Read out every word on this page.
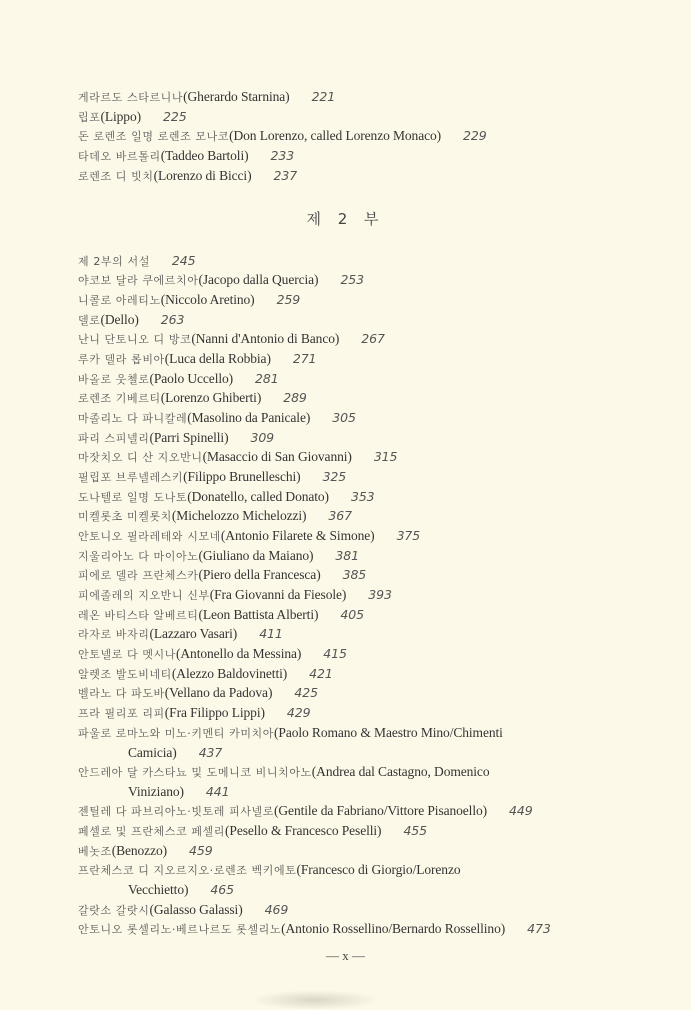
게라르도 스타르니나(Gherardo Starnina) 221
립포(Lippo) 225
돈 로렌조 일명 로렌조 모나코(Don Lorenzo, called Lorenzo Monaco) 229
타데오 바르톨리(Taddeo Bartoli) 233
로렌조 디 빗치(Lorenzo di Bicci) 237
제 2 부
제 2부의 서설 245
야코보 달라 쿠에르치아(Jacopo dalla Quercia) 253
니콜로 아레티노(Niccolo Aretino) 259
델로(Dello) 263
난니 단토니오 디 방코(Nanni d'Antonio di Banco) 267
루카 델라 롭비아(Luca della Robbia) 271
바올로 웃첼로(Paolo Uccello) 281
로렌조 기베르티(Lorenzo Ghiberti) 289
마졸리노 다 파니칼레(Masolino da Panicale) 305
파리 스피넬리(Parri Spinelli) 309
마잣치오 디 산 지오반니(Masaccio di San Giovanni) 315
필립포 브루넬레스키(Filippo Brunelleschi) 325
도나텔로 일명 도나토(Donatello, called Donato) 353
미켈롯초 미켈롯치(Michelozzo Michelozzi) 367
안토니오 필라레테와 시모네(Antonio Filarete & Simone) 375
지울리아노 다 마이아노(Giuliano da Maiano) 381
피에로 델라 프란체스카(Piero della Francesca) 385
피에졸레의 지오반니 신부(Fra Giovanni da Fiesole) 393
레온 바티스타 알베르티(Leon Battista Alberti) 405
라자로 바자리(Lazzaro Vasari) 411
안토넬로 다 멧시나(Antonello da Messina) 415
알렛조 발도비네티(Alezzo Baldovinetti) 421
벨라노 다 파도바(Vellano da Padova) 425
프라 필리포 리피(Fra Filippo Lippi) 429
파울로 로마노와 미노·키멘티 카미치아(Paolo Romano & Maestro Mino/Chimenti
Camicia) 437
안드레아 달 카스타뇨 및 도메니코 비니치아노(Andrea dal Castagno, Domenico
Viniziano) 441
젠틸레 다 파브리아노·빗토레 피사넬로(Gentile da Fabriano/Vittore Pisanoello) 449
페셀로 및 프란체스코 페셀리(Pesello & Francesco Peselli) 455
베놋조(Benozzo) 459
프란체스코 디 지오르지오·로렌조 벡키에토(Francesco di Giorgio/Lorenzo
Vecchietto) 465
갈랏소 갈랏시(Galasso Galassi) 469
안토니오 롯셀리노·베르나르도 롯셀리노(Antonio Rossellino/Bernardo Rossellino) 473
— x —
